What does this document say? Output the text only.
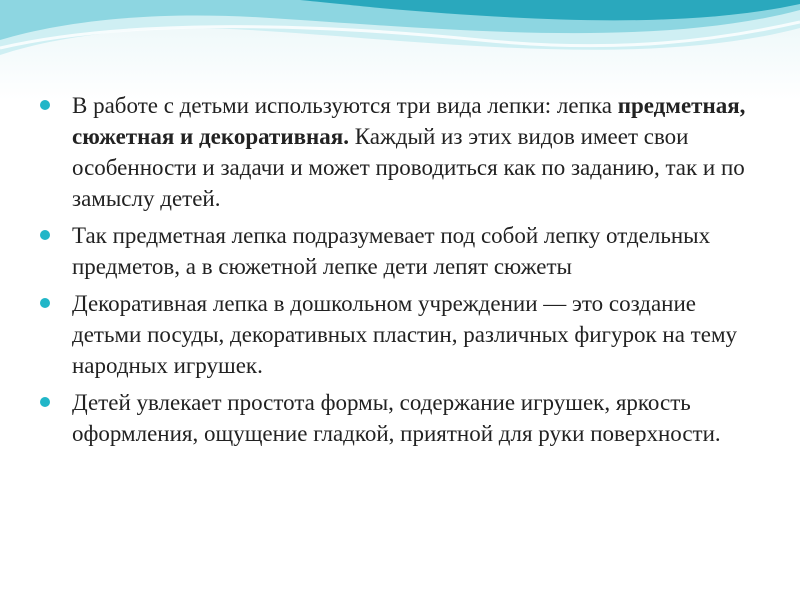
В работе с детьми используются три вида лепки: лепка предметная, сюжетная и декоративная. Каждый из этих видов имеет свои особенности и задачи и может проводиться как по заданию, так и по замыслу детей.
Так предметная лепка подразумевает под собой лепку отдельных предметов, а в сюжетной лепке дети лепят сюжеты
Декоративная лепка в дошкольном учреждении — это создание детьми посуды, декоративных пластин, различных фигурок на тему народных игрушек.
Детей увлекает простота формы, содержание игрушек, яркость оформления, ощущение гладкой, приятной для руки поверхности.
